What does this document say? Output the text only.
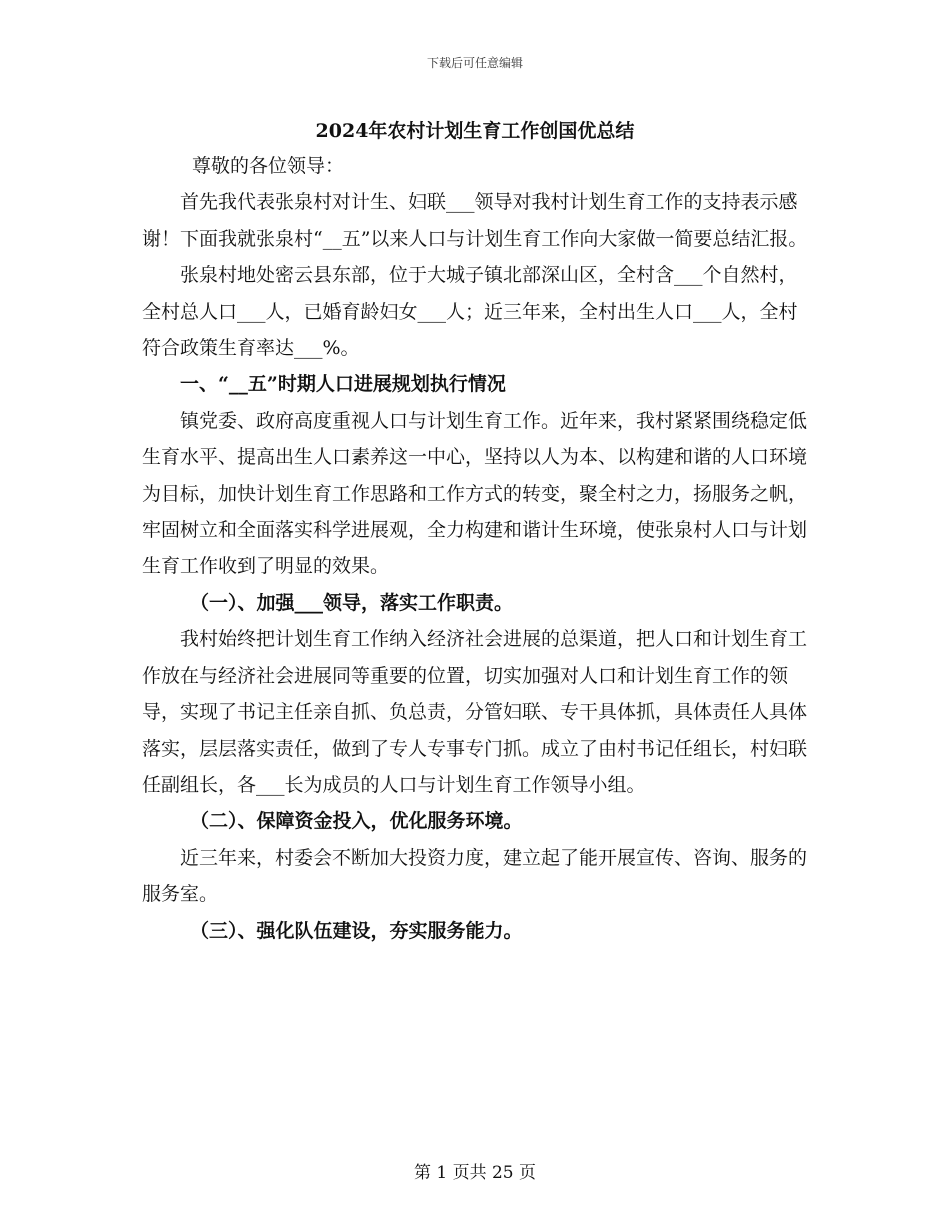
下载后可任意编辑
2024年农村计划生育工作创国优总结

尊敬的各位领导：

首先我代表张泉村对计生、妇联___领导对我村计划生育工作的支持表示感谢！下面我就张泉村“__五”以来人口与计划生育工作向大家做一简要总结汇报。

张泉村地处密云县东部，位于大城子镇北部深山区，全村含___个自然村，全村总人口___人，已婚育龄妇女___人；近三年来，全村出生人口___人，全村符合政策生育率达___%。

一、“__五”时期人口进展规划执行情况

镇党委、政府高度重视人口与计划生育工作。近年来，我村紧紧围绕稳定低生育水平、提高出生人口素养这一中心，坚持以人为本、以构建和谐的人口环境为目标，加快计划生育工作思路和工作方式的转变，聚全村之力，扬服务之帆，牢固树立和全面落实科学进展观，全力构建和谐计生环境，使张泉村人口与计划生育工作收到了明显的效果。

（一）、加强___领导，落实工作职责。

我村始终把计划生育工作纳入经济社会进展的总渠道，把人口和计划生育工作放在与经济社会进展同等重要的位置，切实加强对人口和计划生育工作的领导，实现了书记主任亲自抓、负总责，分管妇联、专干具体抓，具体责任人具体落实，层层落实责任，做到了专人专事专门抓。成立了由村书记任组长，村妇联任副组长，各___长为成员的人口与计划生育工作领导小组。

（二）、保障资金投入，优化服务环境。

近三年来，村委会不断加大投资力度，建立起了能开展宣传、咨询、服务的服务室。

（三）、强化队伍建设，夯实服务能力。

第 1 页共 25 页
